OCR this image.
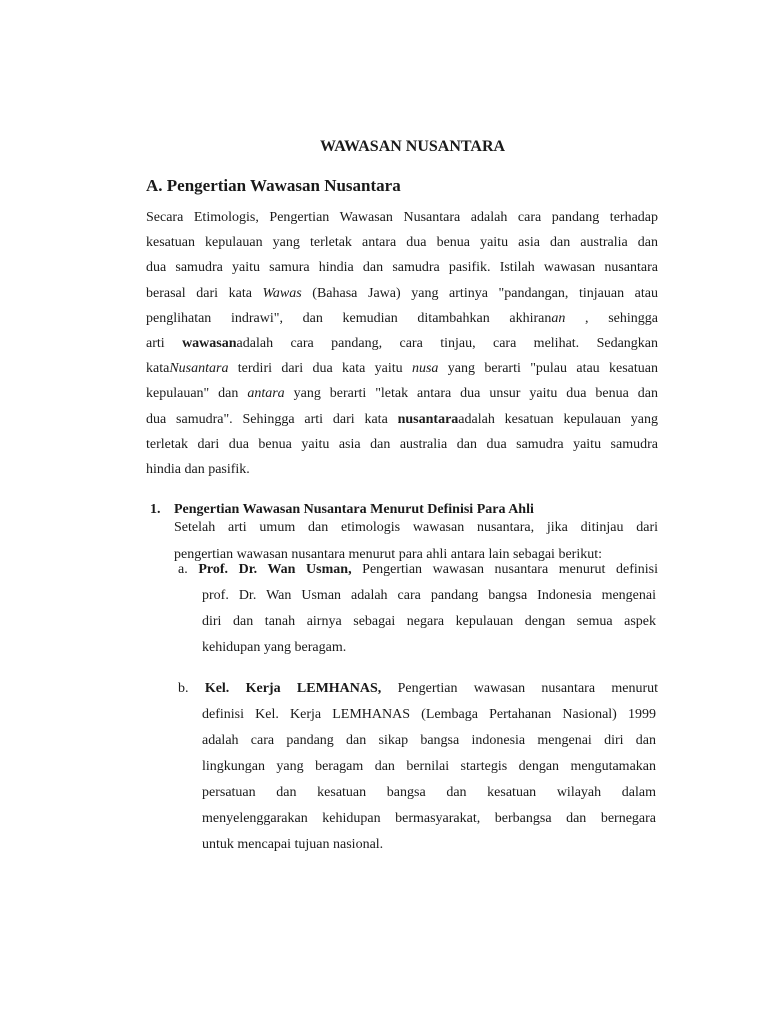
WAWASAN NUSANTARA
A. Pengertian Wawasan Nusantara
Secara Etimologis, Pengertian Wawasan Nusantara adalah cara pandang terhadap
kesatuan kepulauan yang terletak antara dua benua yaitu asia dan australia dan
dua samudra yaitu samura hindia dan samudra pasifik. Istilah wawasan nusantara
berasal dari kata Wawas (Bahasa Jawa) yang artinya "pandangan, tinjauan atau
penglihatan indrawi", dan kemudian ditambahkan akhiranan , sehingga
arti wawasanadalah cara pandang, cara tinjau, cara melihat. Sedangkan
kataNusantara terdiri dari dua kata yaitu nusa yang berarti "pulau atau kesatuan
kepulauan" dan antara yang berarti "letak antara dua unsur yaitu dua benua dan
dua samudra". Sehingga arti dari kata nusantaraadalah kesatuan kepulauan yang
terletak dari dua benua yaitu asia dan australia dan dua samudra yaitu samudra
hindia dan pasifik.
1. Pengertian Wawasan Nusantara Menurut Definisi Para Ahli
Setelah arti umum dan etimologis wawasan nusantara, jika ditinjau dari
pengertian wawasan nusantara menurut para ahli antara lain sebagai berikut:
a. Prof. Dr. Wan Usman, Pengertian wawasan nusantara menurut definisi
prof. Dr. Wan Usman adalah cara pandang bangsa Indonesia mengenai
diri dan tanah airnya sebagai negara kepulauan dengan semua aspek
kehidupan yang beragam.
b. Kel. Kerja LEMHANAS, Pengertian wawasan nusantara menurut
definisi Kel. Kerja LEMHANAS (Lembaga Pertahanan Nasional) 1999
adalah cara pandang dan sikap bangsa indonesia mengenai diri dan
lingkungan yang beragam dan bernilai startegis dengan mengutamakan
persatuan dan kesatuan bangsa dan kesatuan wilayah dalam
menyelenggarakan kehidupan bermasyarakat, berbangsa dan bernegara
untuk mencapai tujuan nasional.
